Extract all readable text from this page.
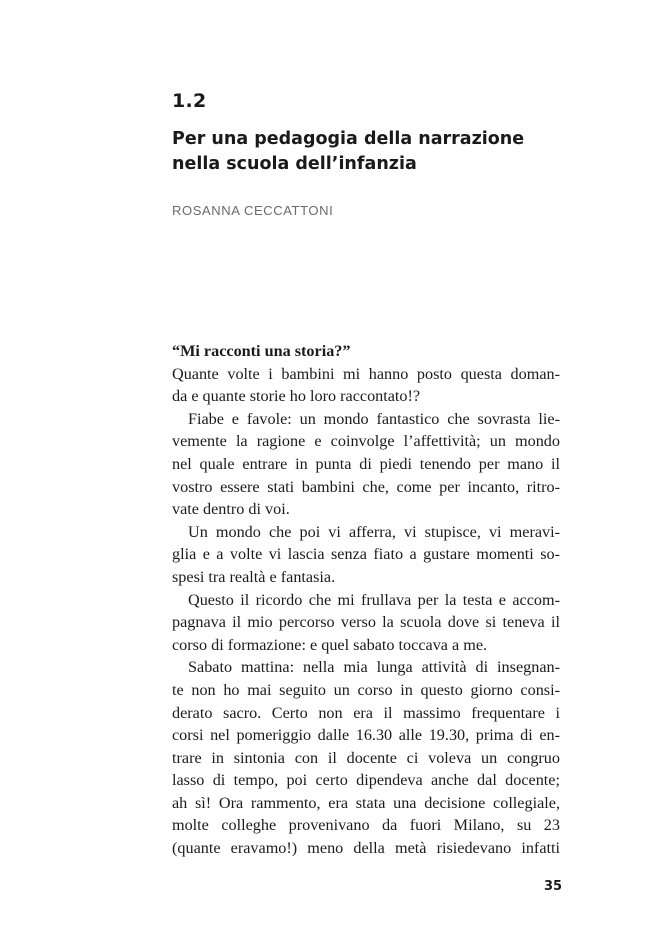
1.2
Per una pedagogia della narrazione
nella scuola dell’infanzia
ROSANNA CECCATTONI
“Mi racconti una storia?”
Quante volte i bambini mi hanno posto questa doman-
da e quante storie ho loro raccontato!?
Fiabe e favole: un mondo fantastico che sovrasta lie-
vemente la ragione e coinvolge l’affettività; un mondo
nel quale entrare in punta di piedi tenendo per mano il
vostro essere stati bambini che, come per incanto, ritro-
vate dentro di voi.
Un mondo che poi vi afferra, vi stupisce, vi meravi-
glia e a volte vi lascia senza fiato a gustare momenti so-
spesi tra realtà e fantasia.
Questo il ricordo che mi frullava per la testa e accom-
pagnava il mio percorso verso la scuola dove si teneva il
corso di formazione: e quel sabato toccava a me.
Sabato mattina: nella mia lunga attività di insegnan-
te non ho mai seguito un corso in questo giorno consi-
derato sacro. Certo non era il massimo frequentare i
corsi nel pomeriggio dalle 16.30 alle 19.30, prima di en-
trare in sintonia con il docente ci voleva un congruo
lasso di tempo, poi certo dipendeva anche dal docente;
ah sì! Ora rammento, era stata una decisione collegiale,
molte colleghe provenivano da fuori Milano, su 23
(quante eravamo!) meno della metà risiedevano infatti
35
